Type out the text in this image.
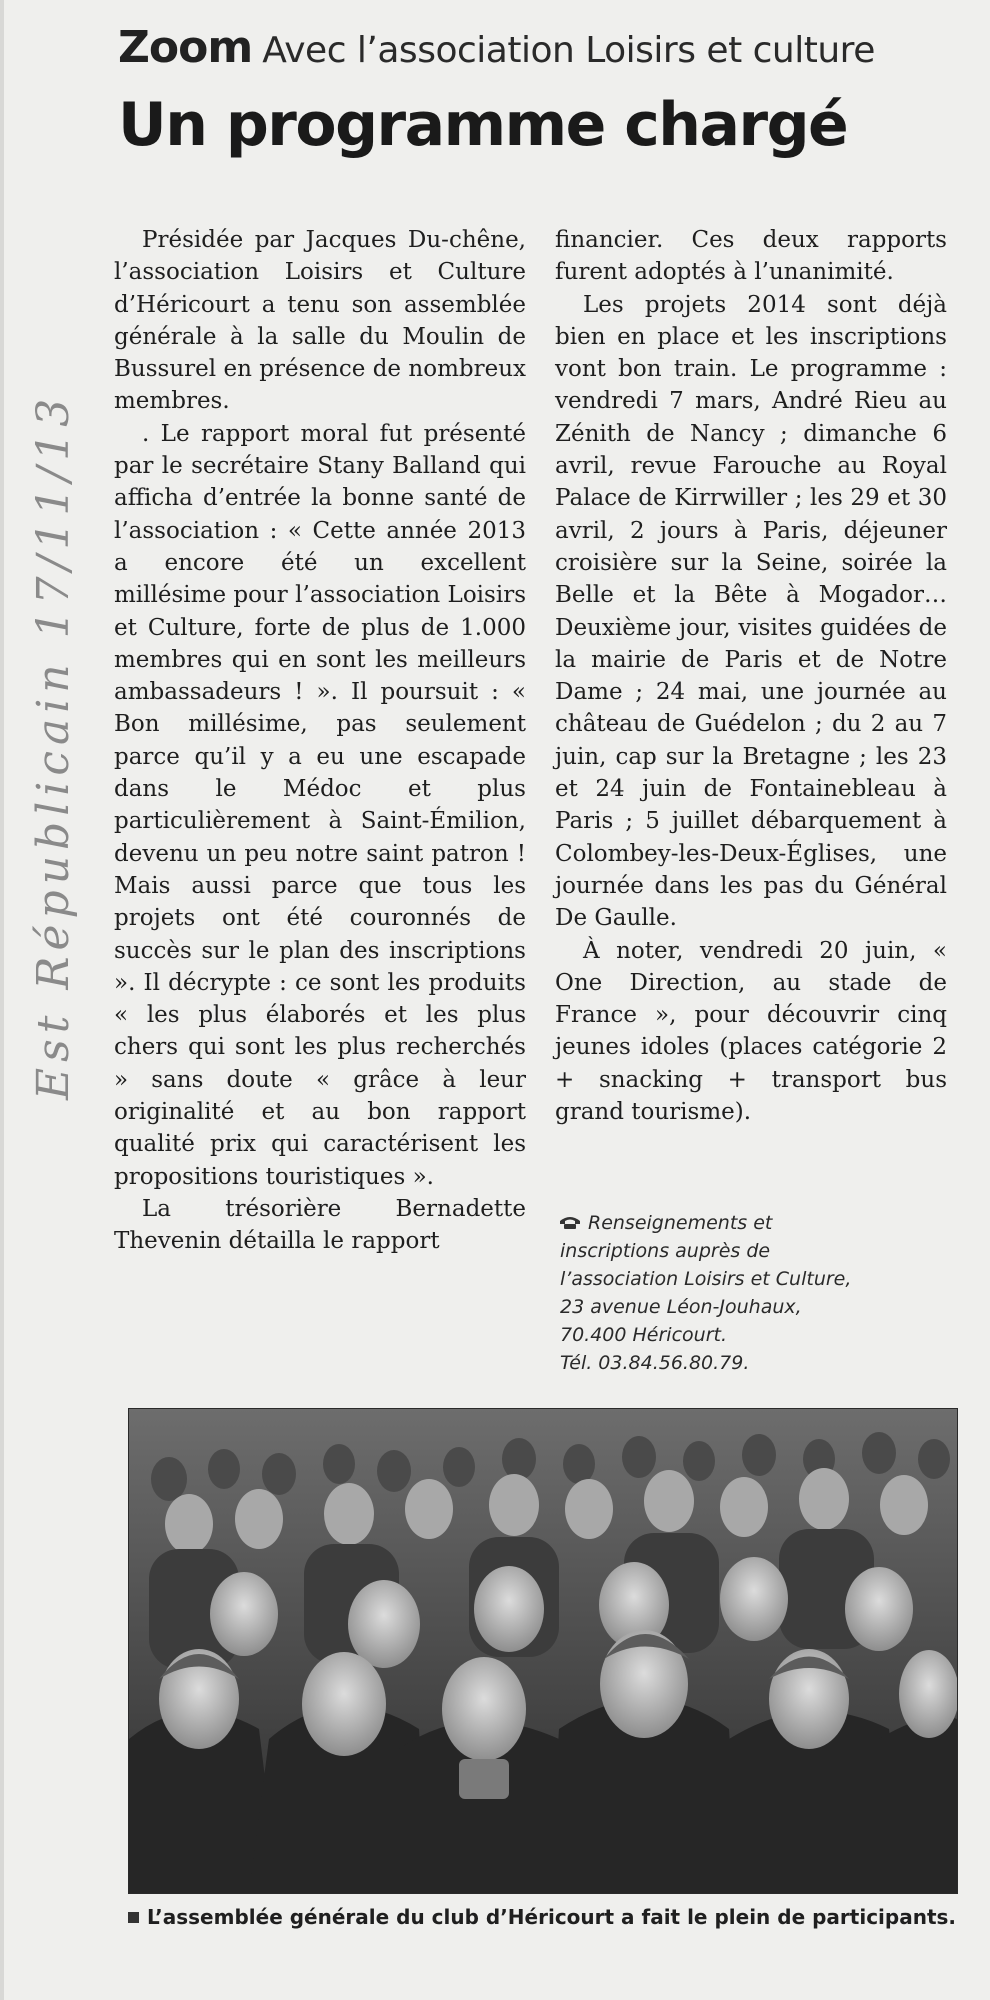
Zoom Avec l’association Loisirs et culture
Un programme chargé
Est Républicain 17/11/13

Présidée par Jacques Du-chêne, l’association Loisirs et Culture d’Héricourt a tenu son assemblée générale à la salle du Moulin de Bussurel en présence de nombreux membres.

. Le rapport moral fut présenté par le secrétaire Stany Balland qui afficha d’entrée la bonne santé de l’association : « Cette année 2013 a encore été un excellent millésime pour l’association Loisirs et Culture, forte de plus de 1.000 membres qui en sont les meilleurs ambassadeurs ! ». Il poursuit : « Bon millésime, pas seulement parce qu’il y a eu une escapade dans le Médoc et plus particulièrement à Saint-Émilion, devenu un peu notre saint patron ! Mais aussi parce que tous les projets ont été couronnés de succès sur le plan des inscriptions ». Il décrypte : ce sont les produits « les plus élaborés et les plus chers qui sont les plus recherchés » sans doute « grâce à leur originalité et au bon rapport qualité prix qui caractérisent les propositions touristiques ».

La trésorière Bernadette Thevenin détailla le rapport

financier. Ces deux rapports furent adoptés à l’unanimité.

Les projets 2014 sont déjà bien en place et les inscriptions vont bon train. Le programme : vendredi 7 mars, André Rieu au Zénith de Nancy ; dimanche 6 avril, revue Farouche au Royal Palace de Kirrwiller ; les 29 et 30 avril, 2 jours à Paris, déjeuner croisière sur la Seine, soirée la Belle et la Bête à Mogador… Deuxième jour, visites guidées de la mairie de Paris et de Notre Dame ; 24 mai, une journée au château de Guédelon ; du 2 au 7 juin, cap sur la Bretagne ; les 23 et 24 juin de Fontainebleau à Paris ; 5 juillet débarquement à Colombey-les-Deux-Églises, une journée dans les pas du Général De Gaulle.

À noter, vendredi 20 juin, « One Direction, au stade de France », pour découvrir cinq jeunes idoles (places catégorie 2 + snacking + transport bus grand tourisme).

Renseignements et
inscriptions auprès de
l’association Loisirs et Culture,
23 avenue Léon-Jouhaux,
70.400 Héricourt.
Tél. 03.84.56.80.79.
L’assemblée générale du club d’Héricourt a fait le plein de participants.
